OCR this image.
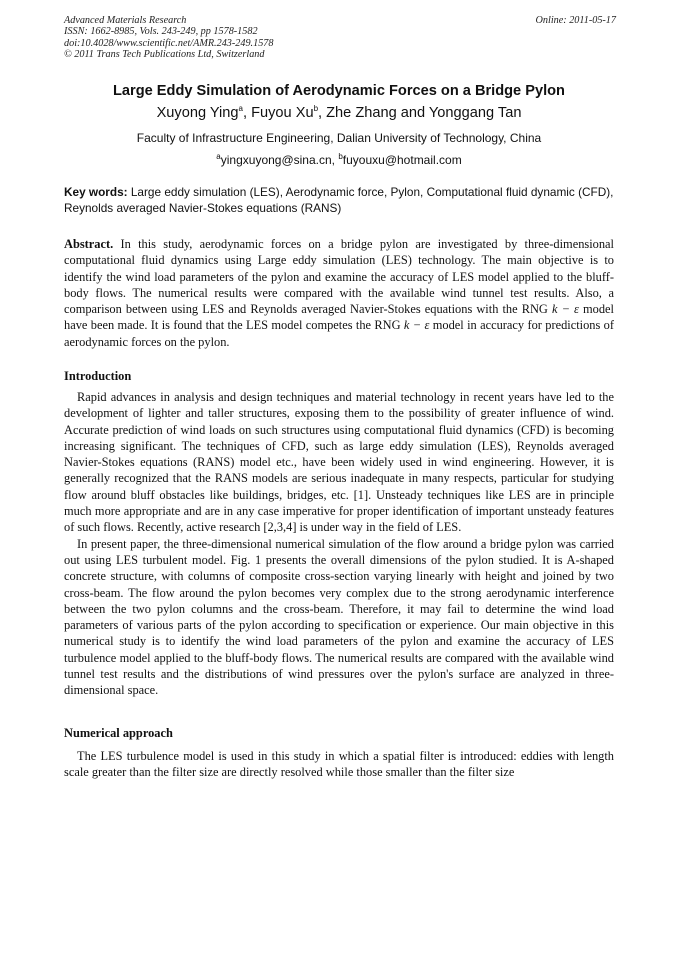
Advanced Materials Research
ISSN: 1662-8985, Vols. 243-249, pp 1578-1582
doi:10.4028/www.scientific.net/AMR.243-249.1578
© 2011 Trans Tech Publications Ltd, Switzerland
Online: 2011-05-17
Large Eddy Simulation of Aerodynamic Forces on a Bridge Pylon
Xuyong Ying$^a$, Fuyou Xu$^b$, Zhe Zhang and Yonggang Tan
Faculty of Infrastructure Engineering, Dalian University of Technology, China
$^a$yingxuyong@sina.cn, $^b$fuyouxu@hotmail.com
Key words: Large eddy simulation (LES), Aerodynamic force, Pylon, Computational fluid dynamic (CFD), Reynolds averaged Navier-Stokes equations (RANS)
Abstract. In this study, aerodynamic forces on a bridge pylon are investigated by three-dimensional computational fluid dynamics using Large eddy simulation (LES) technology. The main objective is to identify the wind load parameters of the pylon and examine the accuracy of LES model applied to the bluff-body flows. The numerical results were compared with the available wind tunnel test results. Also, a comparison between using LES and Reynolds averaged Navier-Stokes equations with the RNG k − ε model have been made. It is found that the LES model competes the RNG k − ε model in accuracy for predictions of aerodynamic forces on the pylon.
Introduction
Rapid advances in analysis and design techniques and material technology in recent years have led to the development of lighter and taller structures, exposing them to the possibility of greater influence of wind. Accurate prediction of wind loads on such structures using computational fluid dynamics (CFD) is becoming increasing significant. The techniques of CFD, such as large eddy simulation (LES), Reynolds averaged Navier-Stokes equations (RANS) model etc., have been widely used in wind engineering. However, it is generally recognized that the RANS models are serious inadequate in many respects, particular for studying flow around bluff obstacles like buildings, bridges, etc. [1]. Unsteady techniques like LES are in principle much more appropriate and are in any case imperative for proper identification of important unsteady features of such flows. Recently, active research [2,3,4] is under way in the field of LES.
In present paper, the three-dimensional numerical simulation of the flow around a bridge pylon was carried out using LES turbulent model. Fig. 1 presents the overall dimensions of the pylon studied. It is A-shaped concrete structure, with columns of composite cross-section varying linearly with height and joined by two cross-beam. The flow around the pylon becomes very complex due to the strong aerodynamic interference between the two pylon columns and the cross-beam. Therefore, it may fail to determine the wind load parameters of various parts of the pylon according to specification or experience. Our main objective in this numerical study is to identify the wind load parameters of the pylon and examine the accuracy of LES turbulence model applied to the bluff-body flows. The numerical results are compared with the available wind tunnel test results and the distributions of wind pressures over the pylon's surface are analyzed in three-dimensional space.
Numerical approach
The LES turbulence model is used in this study in which a spatial filter is introduced: eddies with length scale greater than the filter size are directly resolved while those smaller than the filter size
